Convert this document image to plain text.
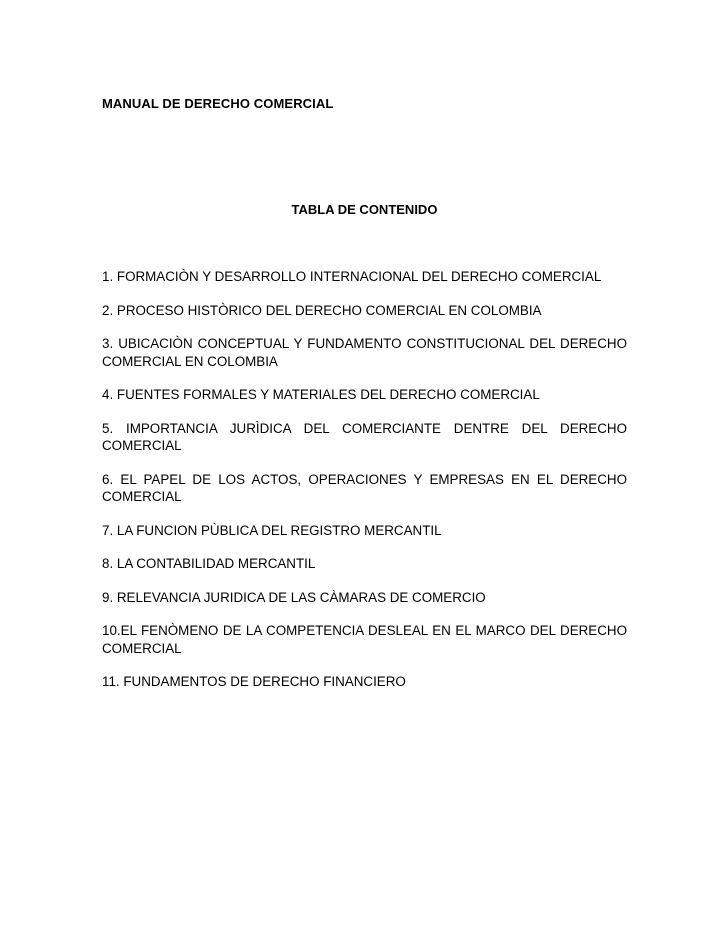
MANUAL DE DERECHO COMERCIAL
TABLA DE CONTENIDO
1. FORMACIÒN Y DESARROLLO INTERNACIONAL DEL DERECHO COMERCIAL
2. PROCESO HISTÒRICO DEL DERECHO COMERCIAL EN COLOMBIA
3. UBICACIÒN CONCEPTUAL Y FUNDAMENTO CONSTITUCIONAL DEL DERECHO COMERCIAL EN COLOMBIA
4. FUENTES FORMALES Y MATERIALES DEL DERECHO COMERCIAL
5. IMPORTANCIA JURÌDICA DEL COMERCIANTE DENTRE DEL DERECHO COMERCIAL
6. EL PAPEL DE LOS ACTOS, OPERACIONES Y EMPRESAS EN EL DERECHO COMERCIAL
7. LA FUNCION PÙBLICA DEL REGISTRO MERCANTIL
8. LA CONTABILIDAD MERCANTIL
9. RELEVANCIA JURIDICA DE LAS CÀMARAS DE COMERCIO
10.EL FENÒMENO DE LA COMPETENCIA DESLEAL EN EL MARCO DEL DERECHO COMERCIAL
11. FUNDAMENTOS DE DERECHO FINANCIERO
